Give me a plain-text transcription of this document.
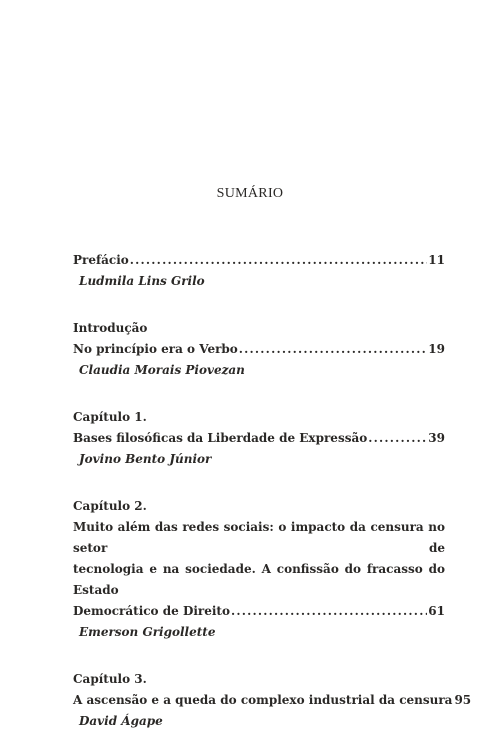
SUMÁRIO
Prefácio .....	11
Ludmila Lins Grilo
Introdução
No princípio era o Verbo .....	19
Claudia Morais Piovezan
Capítulo 1.
Bases filosóficas da Liberdade de Expressão .....	39
Jovino Bento Júnior
Capítulo 2.
Muito além das redes sociais: o impacto da censura no setor de
tecnologia e na sociedade. A confissão do fracasso do Estado
Democrático de Direito .....	61
Emerson Grigollette
Capítulo 3.
A ascensão e a queda do complexo industrial da censura 95
David Ágape
